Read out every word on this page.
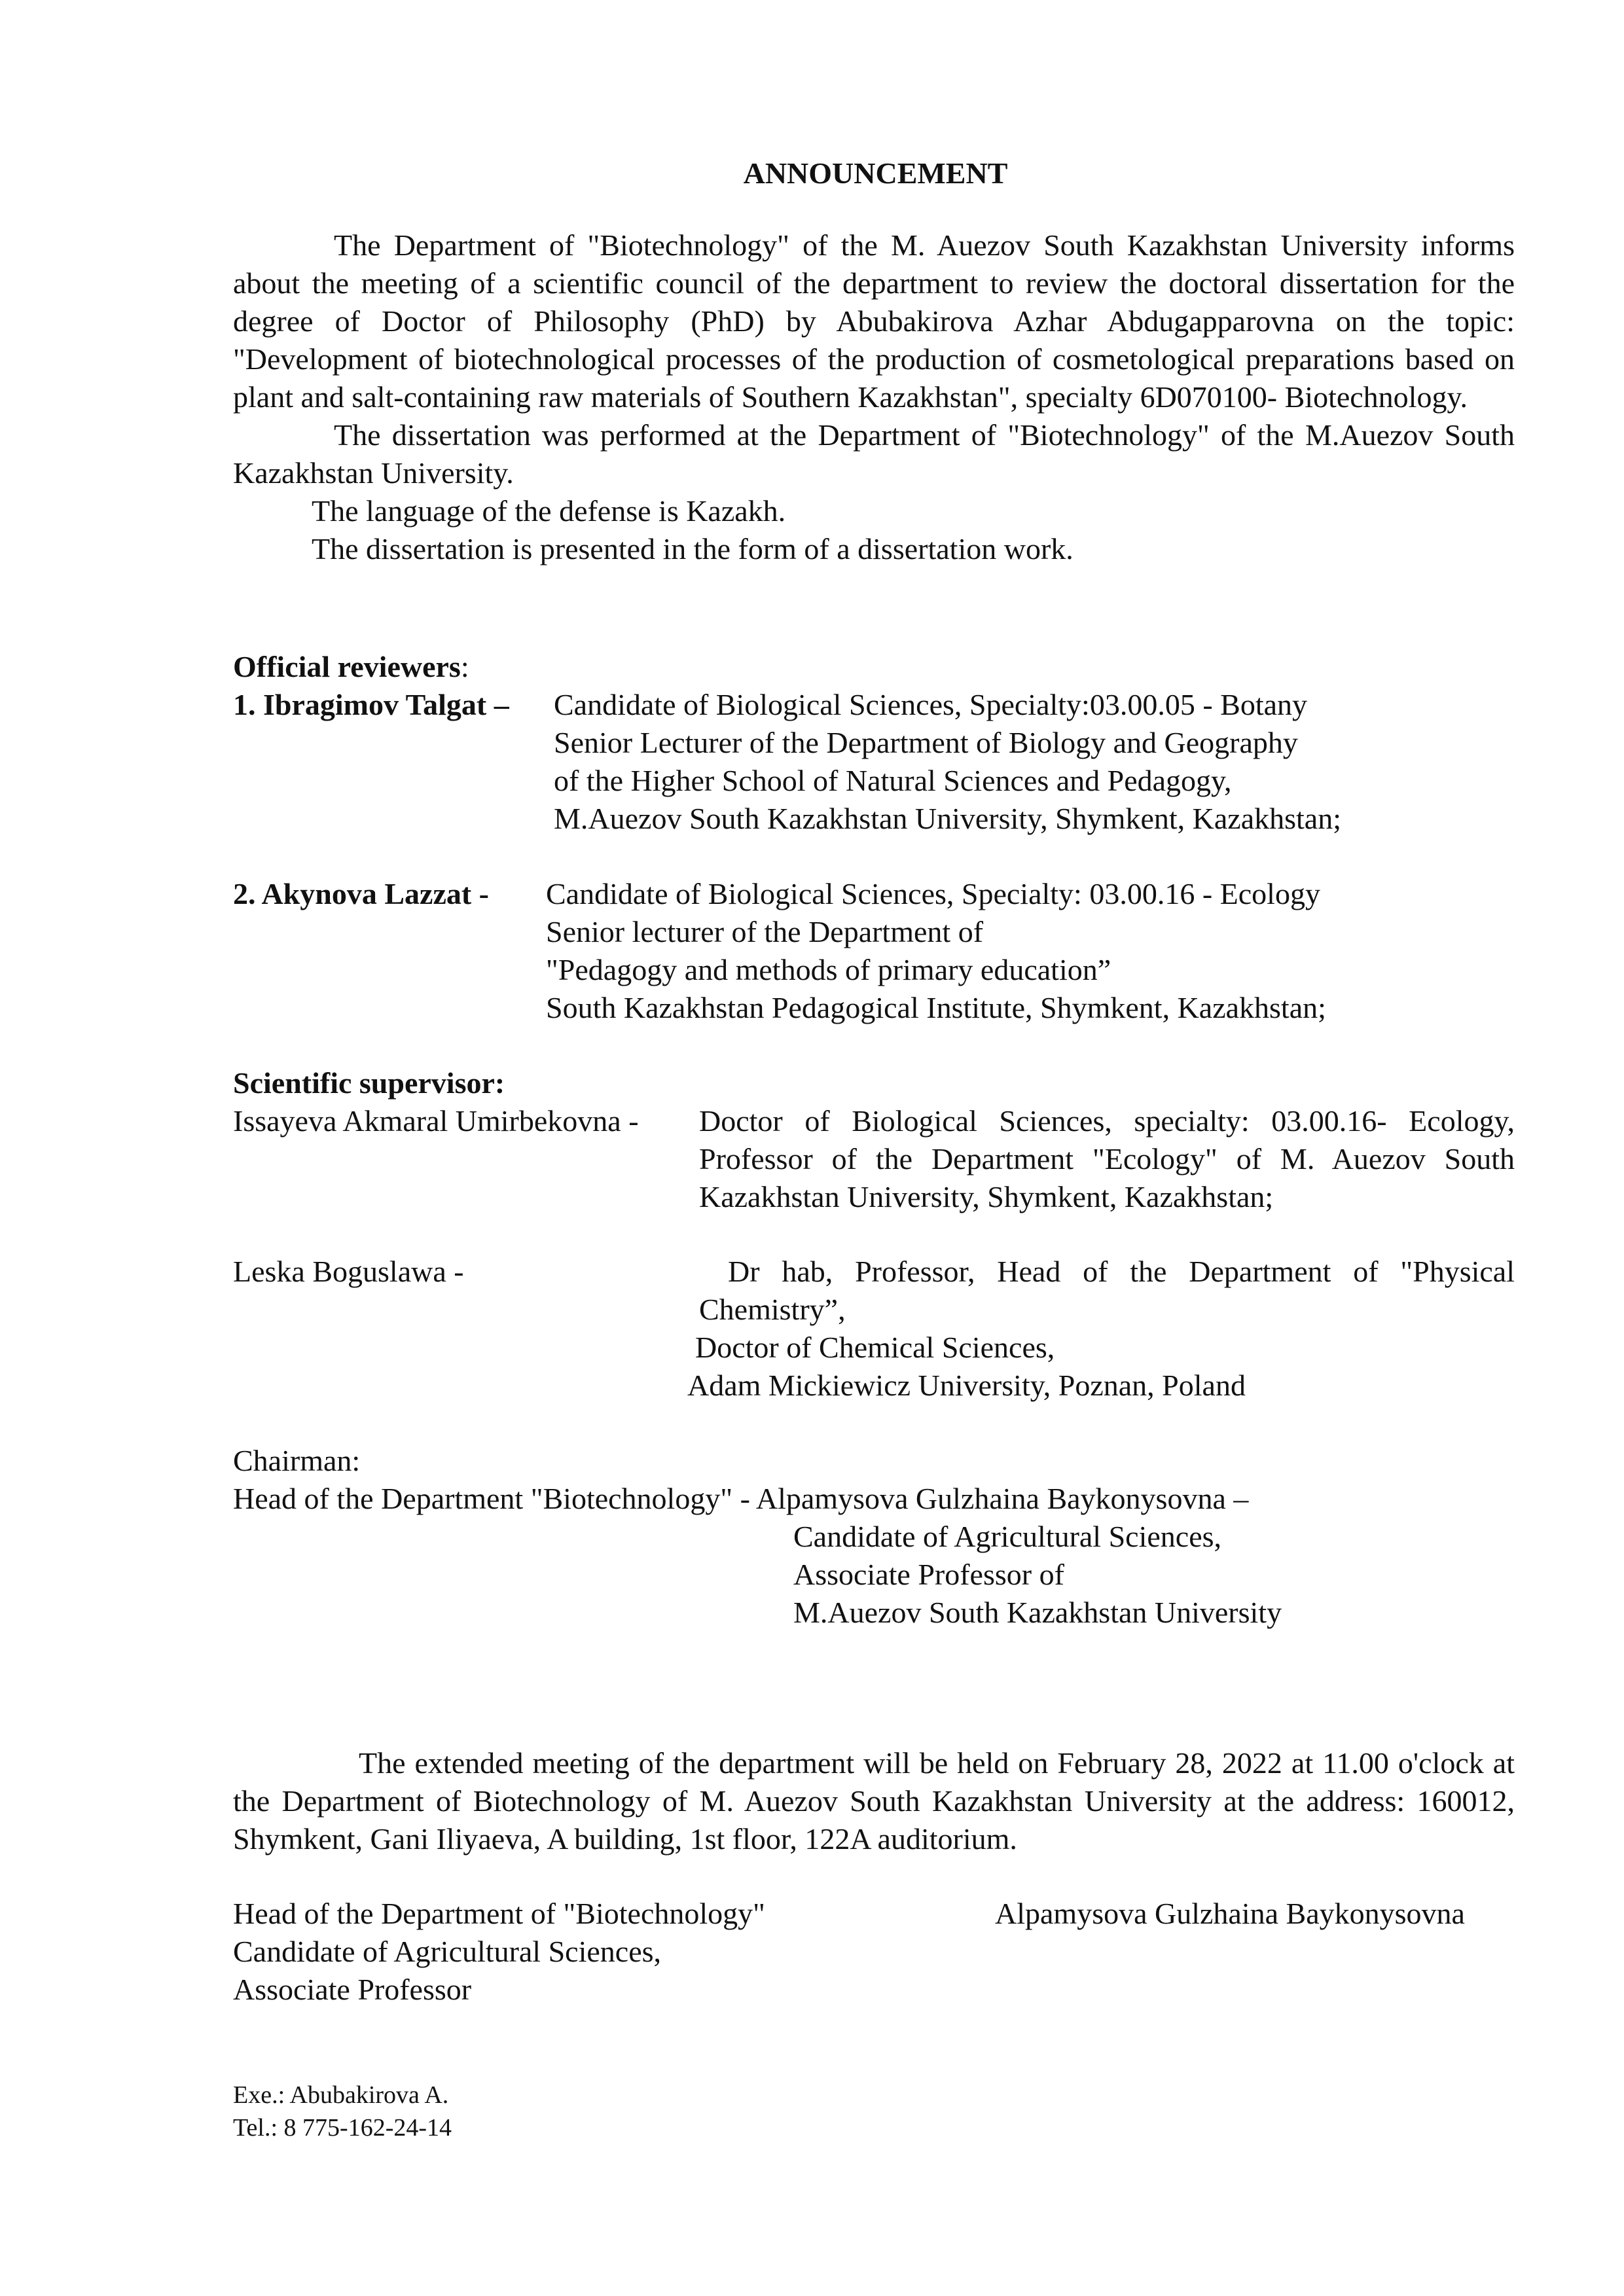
ANNOUNCEMENT

The Department of "Biotechnology" of the M. Auezov South Kazakhstan University informs about the meeting of a scientific council of the department to review the doctoral dissertation for the degree of Doctor of Philosophy (PhD) by Abubakirova Azhar Abdugapparovna on the topic: "Development of biotechnological processes of the production of cosmetological preparations based on plant and salt-containing raw materials of Southern Kazakhstan", specialty 6D070100- Biotechnology.

The dissertation was performed at the Department of "Biotechnology" of the M.Auezov South Kazakhstan University.

The language of the defense is Kazakh.

The dissertation is presented in the form of a dissertation work.

Official reviewers:
1. Ibragimov Talgat – Candidate of Biological Sciences, Specialty:03.00.05 - Botany
Senior Lecturer of the Department of Biology and Geography
of the Higher School of Natural Sciences and Pedagogy,
M.Auezov South Kazakhstan University, Shymkent, Kazakhstan;
2. Akynova Lazzat - Candidate of Biological Sciences, Specialty: 03.00.16 - Ecology
Senior lecturer of the Department of
"Pedagogy and methods of primary education”
South Kazakhstan Pedagogical Institute, Shymkent, Kazakhstan;
Scientific supervisor:
Issayeva Akmaral Umirbekovna - Doctor of Biological Sciences, specialty: 03.00.16- Ecology,
Professor of the Department "Ecology" of M. Auezov South
Kazakhstan University, Shymkent, Kazakhstan;
Leska Boguslawa -	Dr hab, Professor, Head of the Department of "Physical
Chemistry”,
Doctor of Chemical Sciences,
Adam Mickiewicz University, Poznan, Poland
Chairman:
Head of the Department "Biotechnology" - Alpamysova Gulzhaina Baykonysovna –
Candidate of Agricultural Sciences,
Associate Professor of
M.Auezov South Kazakhstan University

The extended meeting of the department will be held on February 28, 2022 at 11.00 o'clock at the Department of Biotechnology of M. Auezov South Kazakhstan University at the address: 160012, Shymkent, Gani Iliyaeva, A building, 1st floor, 122A auditorium.

Head of the Department of "Biotechnology"
Candidate of Agricultural Sciences,
Associate Professor
Alpamysova Gulzhaina Baykonysovna
Exe.: Abubakirova A.
Tel.: 8 775-162-24-14
